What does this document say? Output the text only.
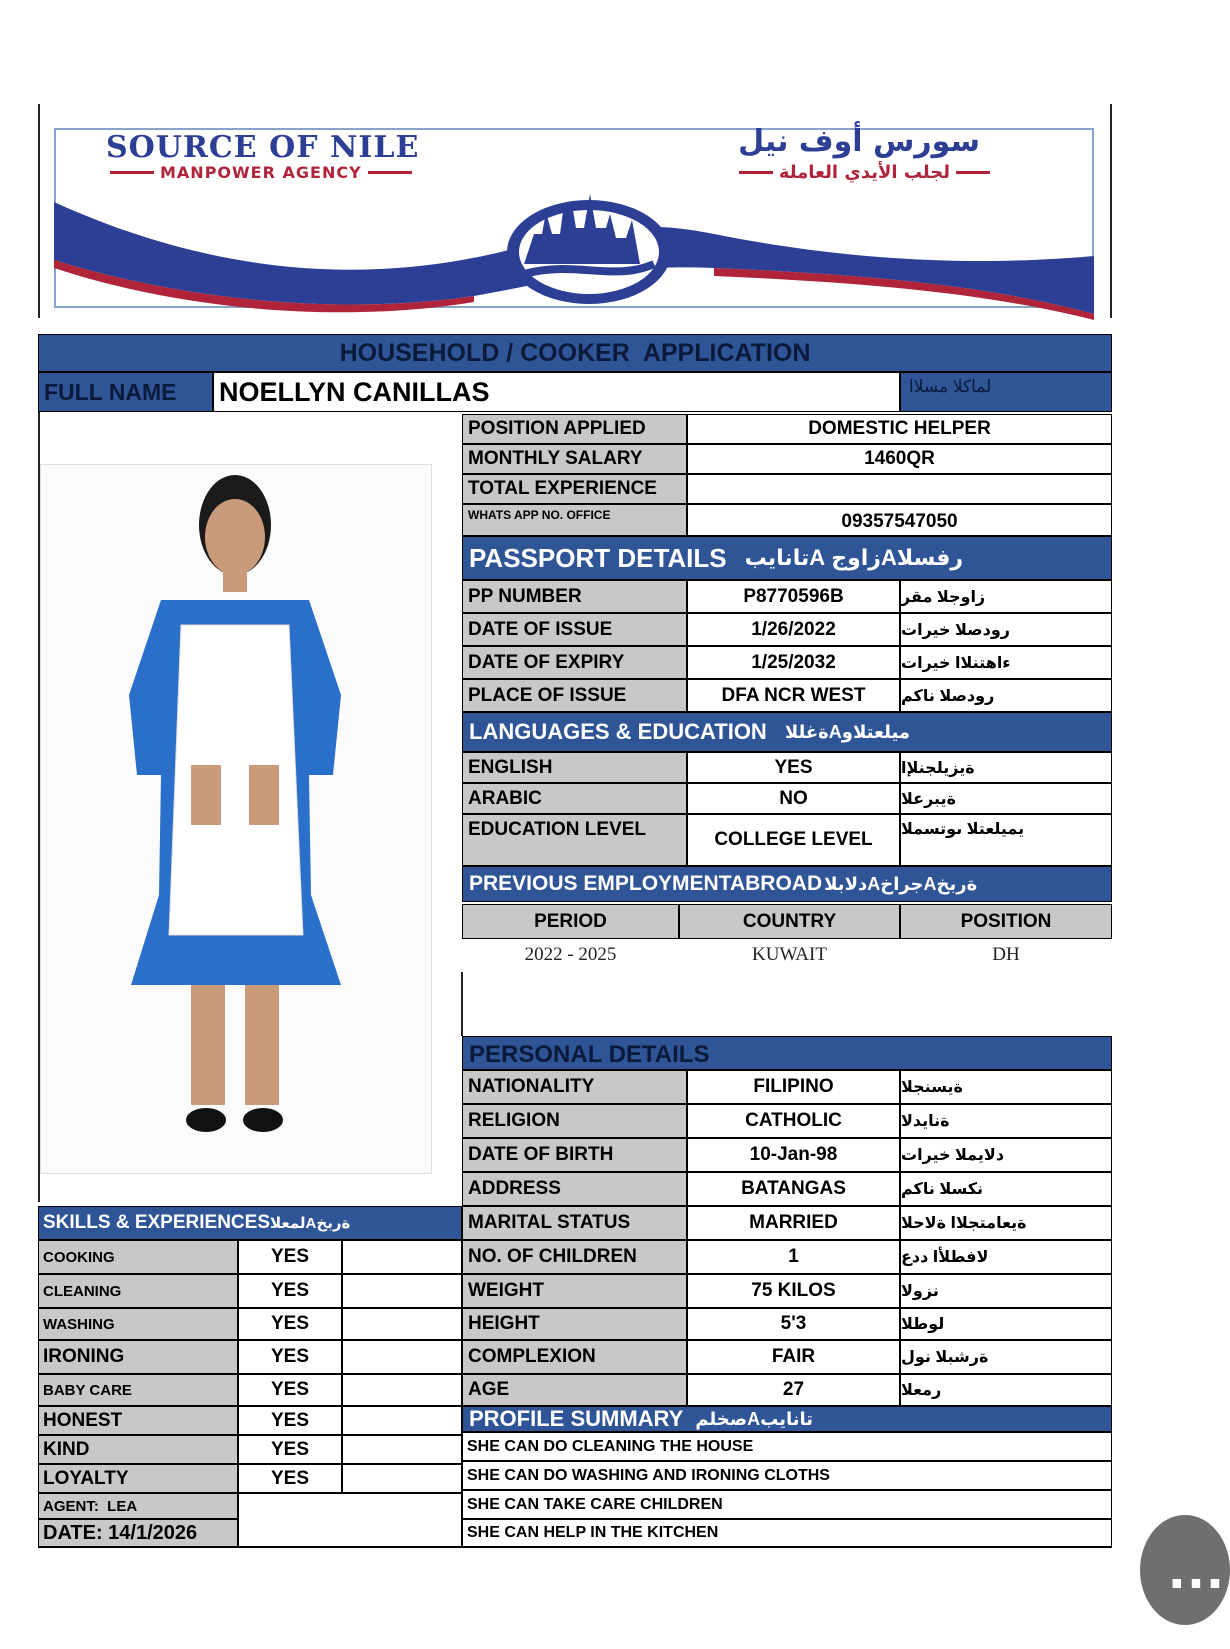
SOURCE OF NILE
MANPOWER AGENCY
سورس أوف نيل
لجلب الأيدي العاملة
HOUSEHOLD / COOKER  APPLICATION
FULL NAME NOELLYN CANILLAS	لماكلا مسلاا
POSITION APPLIED	DOMESTIC HELPER
MONTHLY SALARY	1460QR
TOTAL EXPERIENCE
WHATS APP NO. OFFICE	09357547050
PASSPORT DETAILS رفسلاAزاوج Aتانايب
PP NUMBER	P8770596B	زاوجلا مقر
DATE OF ISSUE	1/26/2022	رودصلا خيرات
DATE OF EXPIRY	1/25/2032	ءاهتنلاا خيرات
PLACE OF ISSUE	DFA NCR WEST	رودصلا ناكم
LANGUAGES & EDUCATION ميلعتلاوAةغللا
ENGLISH	YES	ةيزيلجنلإا
ARABIC	NO	ةيبرعلا
EDUCATION LEVEL	COLLEGE LEVEL	يميلعتلا ىوتسملا
PREVIOUS EMPLOYMENTABROAD ةربخAجراخAدلابلا
PERIOD	COUNTRY	POSITION
2022 - 2025	KUWAIT	DH
PERSONAL DETAILS
NATIONALITY	FILIPINO	ةيسنجلا
RELIGION	CATHOLIC	ةنايدلا
DATE OF BIRTH	10-Jan-98	دلايملا خيرات
ADDRESS	BATANGAS	نكسلا ناكم
MARITAL STATUS	MARRIED	ةيعامتجلاا ةلاحلا
NO. OF CHILDREN	1	لافطلأا ددع
WEIGHT	75 KILOS	نزولا
HEIGHT	5'3	لوطلا
COMPLEXION	FAIR	ةرشبلا نول
AGE	27	رمعلا
PROFILE SUMMARY تانايبAصخلم
SHE CAN DO CLEANING THE HOUSE
SHE CAN DO WASHING AND IRONING CLOTHS
SHE CAN TAKE CARE CHILDREN
SHE CAN HELP IN THE KITCHEN
SKILLS & EXPERIENCES ةربخAلمعلا
COOKING	YES
CLEANING	YES
WASHING	YES
IRONING	YES
BABY CARE	YES
HONEST	YES
KIND	YES
LOYALTY	YES
AGENT:  LEA
DATE: 14/1/2026
…
